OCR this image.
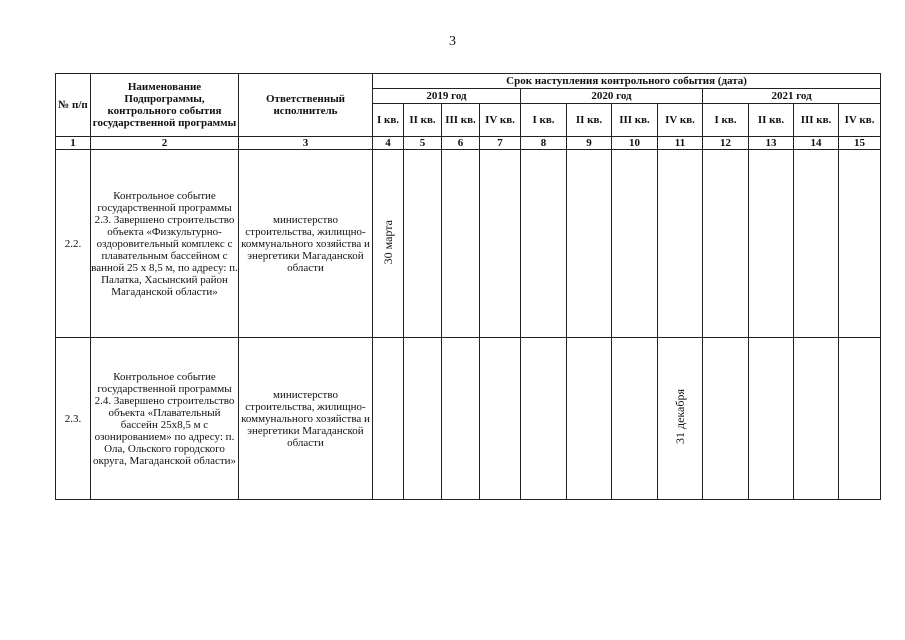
3
№ п/п	Наименование Подпрограммы, контрольного события государственной программы	Ответственный исполнитель	Срок наступления контрольного события (дата)											
			2019 год				2020 год				2021 год			
			I кв.	II кв.	III кв.	IV кв.	I кв.	II кв.	III кв.	IV кв.	I кв.	II кв.	III кв.	IV кв.
1	2	3	4	5	6	7	8	9	10	11	12	13	14	15
2.2.	Контрольное событие государственной программы 2.3. Завершено строительство объекта «Физкультурно-оздоровительный комплекс с плавательным бассейном с ванной 25 х 8,5 м, по адресу: п. Палатка, Хасынский район Магаданской области»	министерство строительства, жилищно-коммунального хозяйства и энергетики Магаданской области	30 марта											
2.3.	Контрольное событие государственной программы 2.4. Завершено строительство объекта «Плавательный бассейн 25х8,5 м с озонированием» по адресу: п. Ола, Ольского городского округа, Магаданской области»	министерство строительства, жилищно-коммунального хозяйства и энергетики Магаданской области								31 декабря				
